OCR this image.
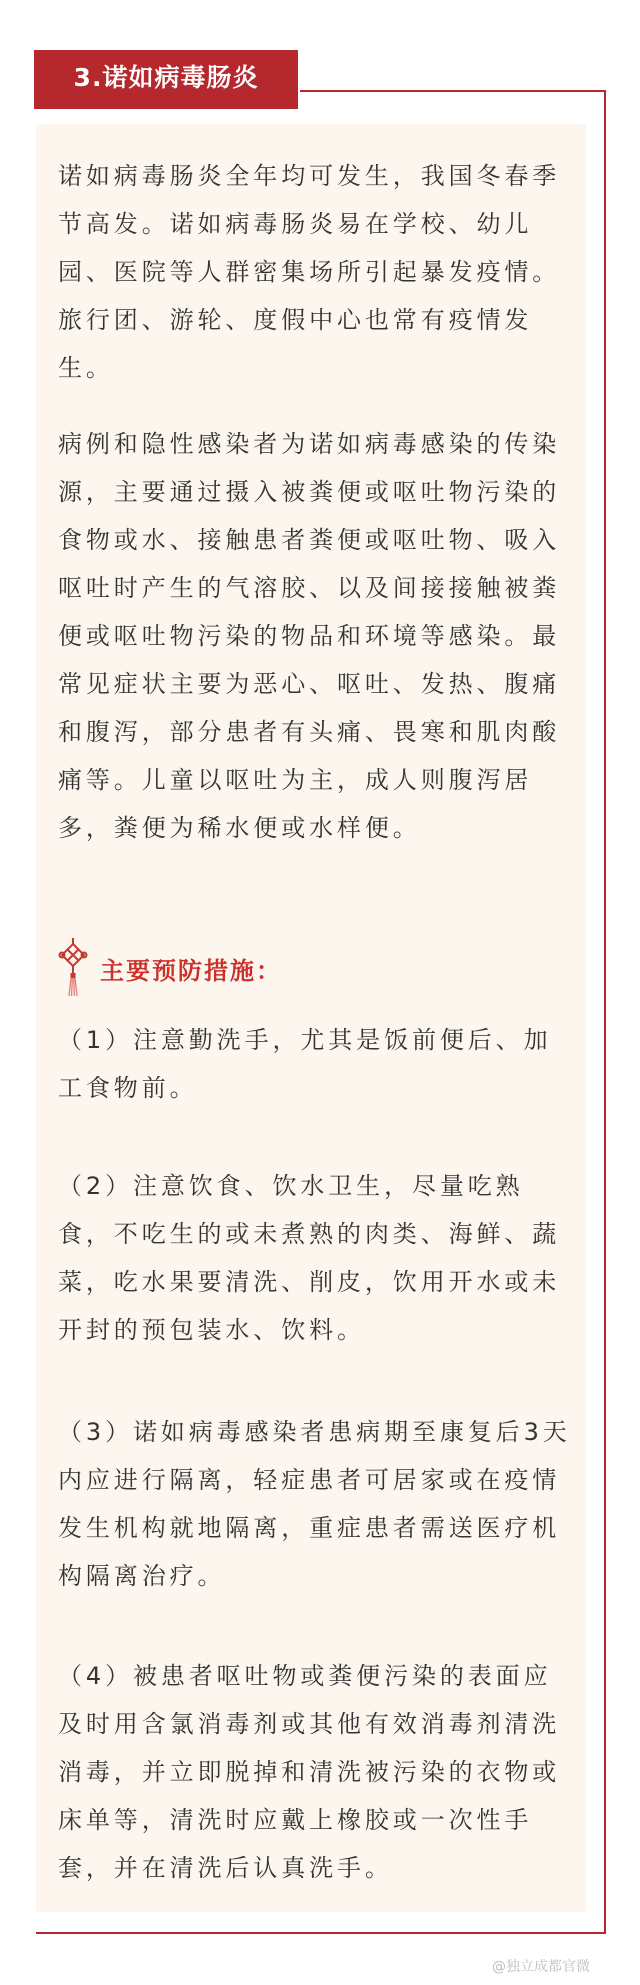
3.诺如病毒肠炎

诺如病毒肠炎全年均可发生，我国冬春季节高发。诺如病毒肠炎易在学校、幼儿园、医院等人群密集场所引起暴发疫情。旅行团、游轮、度假中心也常有疫情发生。

病例和隐性感染者为诺如病毒感染的传染源，主要通过摄入被粪便或呕吐物污染的食物或水、接触患者粪便或呕吐物、吸入呕吐时产生的气溶胶、以及间接接触被粪便或呕吐物污染的物品和环境等感染。最常见症状主要为恶心、呕吐、发热、腹痛和腹泻，部分患者有头痛、畏寒和肌肉酸痛等。儿童以呕吐为主，成人则腹泻居多，粪便为稀水便或水样便。

主要预防措施：

（1）注意勤洗手，尤其是饭前便后、加工食物前。

（2）注意饮食、饮水卫生，尽量吃熟食，不吃生的或未煮熟的肉类、海鲜、蔬菜，吃水果要清洗、削皮，饮用开水或未开封的预包装水、饮料。

（3）诺如病毒感染者患病期至康复后3天内应进行隔离，轻症患者可居家或在疫情发生机构就地隔离，重症患者需送医疗机构隔离治疗。

（4）被患者呕吐物或粪便污染的表面应及时用含氯消毒剂或其他有效消毒剂清洗消毒，并立即脱掉和清洗被污染的衣物或床单等，清洗时应戴上橡胶或一次性手套，并在清洗后认真洗手。

@独立成都官微
